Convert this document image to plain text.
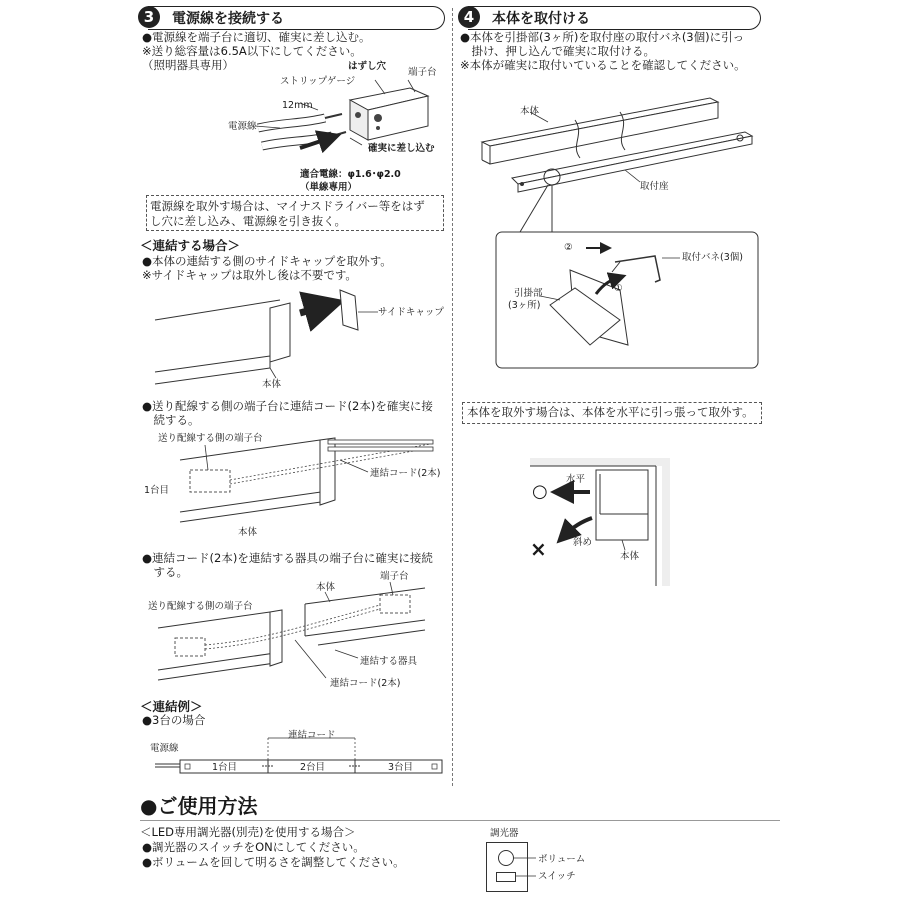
3	電源線を接続する
●電源線を端子台に適切、確実に差し込む。
※送り総容量は6.5A以下にしてください。
（照明器具専用）	はずし穴
ストリップゲージ
端子台
12mm
電源線
確実に差し込む
適合電線：φ1.6･φ2.0
（単線専用）
電源線を取外す場合は、マイナスドライバー等をはず
し穴に差し込み、電源線を引き抜く。
＜連結する場合＞
●本体の連結する側のサイドキャップを取外す。
※サイドキャップは取外し後は不要です。
サイドキャップ
本体
●送り配線する側の端子台に連結コード(2本)を確実に接
　続する。
送り配線する側の端子台
連結コード(2本)
1台目
本体
●連結コード(2本)を連結する器具の端子台に確実に接続
　する。
本体
端子台
送り配線する側の端子台
連結する器具
連結コード(2本)
＜連結例＞
●3台の場合
連結コード
電源線
1台目	2台目	3台目
4	本体を取付ける
●本体を引掛部(3ヶ所)を取付座の取付バネ(3個)に引っ
　掛け、押し込んで確実に取付ける。
※本体が確実に取付いていることを確認してください。
本体
取付座
②
取付バネ(3個)
引掛部
(3ヶ所)
①
本体を取外す場合は、本体を水平に引っ張って取外す。
○
×
水平
斜め
本体
●ご使用方法
＜LED専用調光器(別売)を使用する場合＞
●調光器のスイッチをONにしてください。
●ボリュームを回して明るさを調整してください。
調光器
ボリューム
スイッチ
